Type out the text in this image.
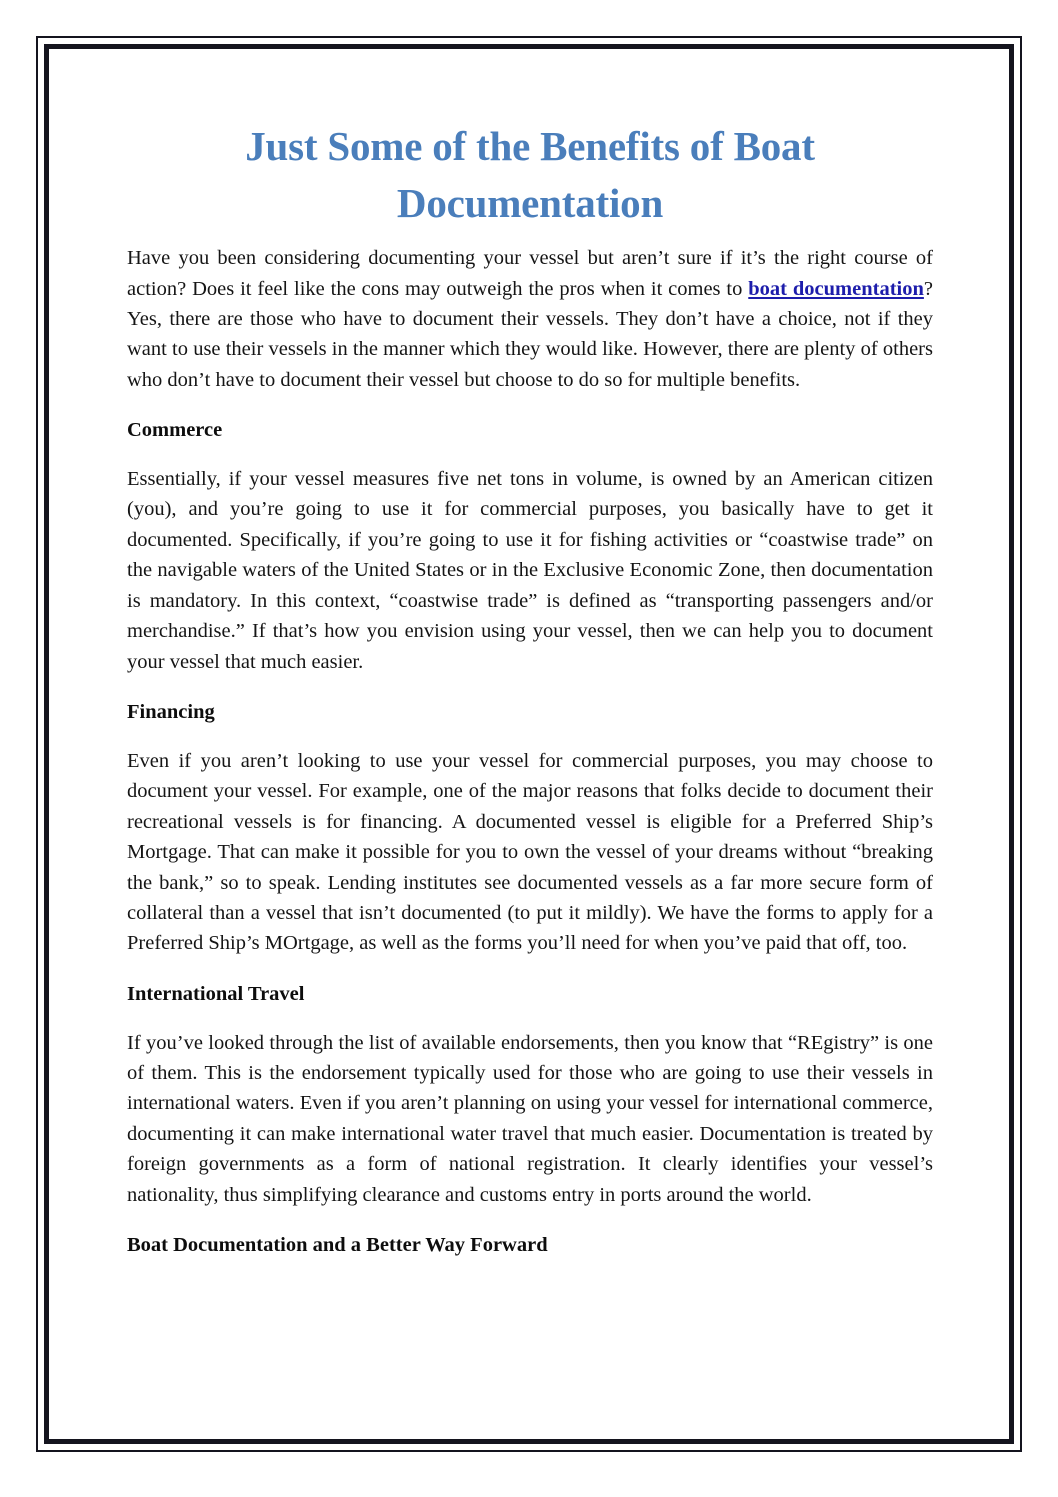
Just Some of the Benefits of Boat Documentation

Have you been considering documenting your vessel but aren’t sure if it’s the right course of action? Does it feel like the cons may outweigh the pros when it comes to boat documentation? Yes, there are those who have to document their vessels. They don’t have a choice, not if they want to use their vessels in the manner which they would like. However, there are plenty of others who don’t have to document their vessel but choose to do so for multiple benefits.

Commerce

Essentially, if your vessel measures five net tons in volume, is owned by an American citizen (you), and you’re going to use it for commercial purposes, you basically have to get it documented. Specifically, if you’re going to use it for fishing activities or “coastwise trade” on the navigable waters of the United States or in the Exclusive Economic Zone, then documentation is mandatory. In this context, “coastwise trade” is defined as “transporting passengers and/or merchandise.” If that’s how you envision using your vessel, then we can help you to document your vessel that much easier.

Financing

Even if you aren’t looking to use your vessel for commercial purposes, you may choose to document your vessel. For example, one of the major reasons that folks decide to document their recreational vessels is for financing. A documented vessel is eligible for a Preferred Ship’s Mortgage. That can make it possible for you to own the vessel of your dreams without “breaking the bank,” so to speak. Lending institutes see documented vessels as a far more secure form of collateral than a vessel that isn’t documented (to put it mildly). We have the forms to apply for a Preferred Ship’s MOrtgage, as well as the forms you’ll need for when you’ve paid that off, too.

International Travel

If you’ve looked through the list of available endorsements, then you know that “REgistry” is one of them. This is the endorsement typically used for those who are going to use their vessels in international waters. Even if you aren’t planning on using your vessel for international commerce, documenting it can make international water travel that much easier. Documentation is treated by foreign governments as a form of national registration. It clearly identifies your vessel’s nationality, thus simplifying clearance and customs entry in ports around the world.

Boat Documentation and a Better Way Forward
